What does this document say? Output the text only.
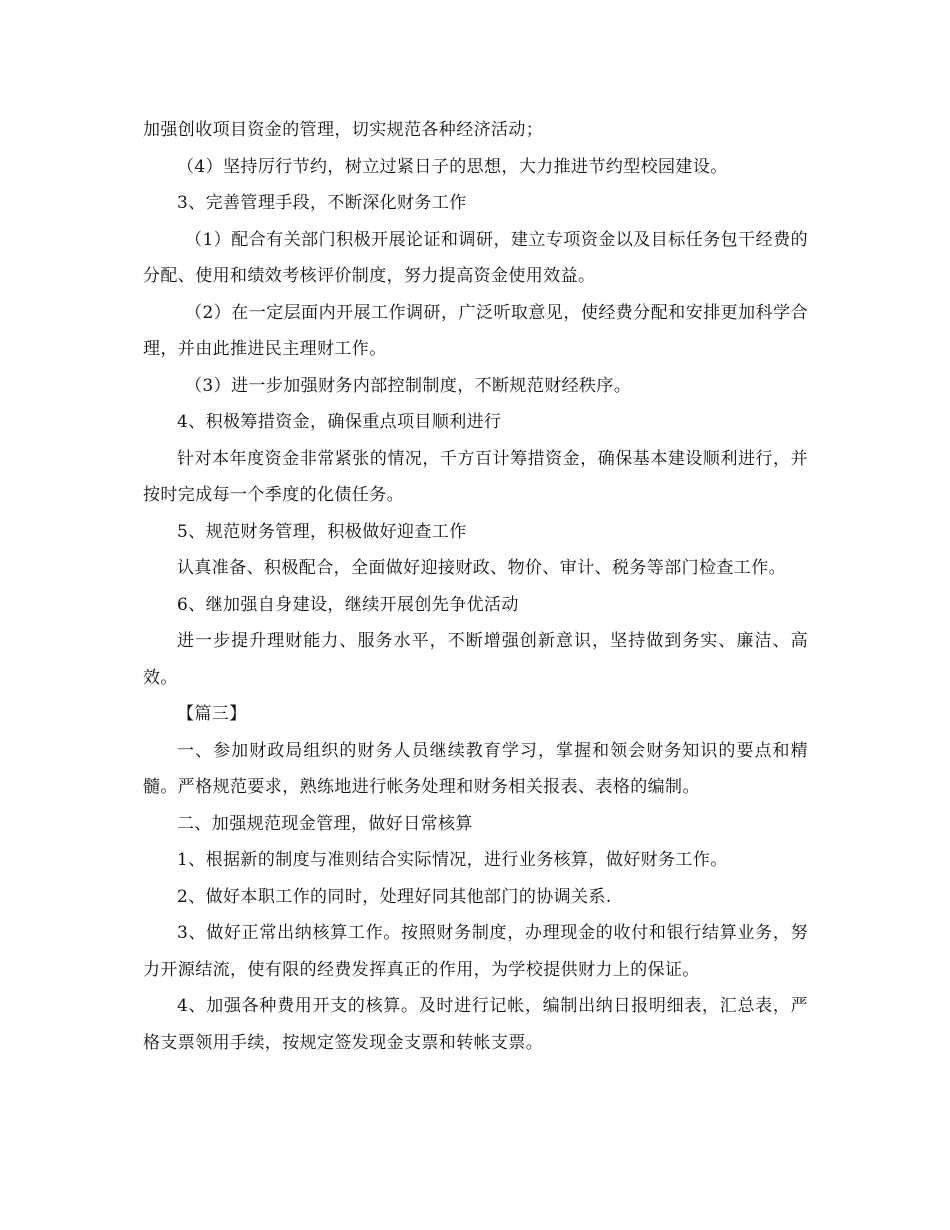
加强创收项目资金的管理，切实规范各种经济活动；

（4）坚持厉行节约，树立过紧日子的思想，大力推进节约型校园建设。

3、完善管理手段，不断深化财务工作

（1）配合有关部门积极开展论证和调研，建立专项资金以及目标任务包干经费的分配、使用和绩效考核评价制度，努力提高资金使用效益。

（2）在一定层面内开展工作调研，广泛听取意见，使经费分配和安排更加科学合理，并由此推进民主理财工作。

（3）进一步加强财务内部控制制度，不断规范财经秩序。

4、积极筹措资金，确保重点项目顺利进行

针对本年度资金非常紧张的情况，千方百计筹措资金，确保基本建设顺利进行，并按时完成每一个季度的化债任务。

5、规范财务管理，积极做好迎查工作

认真准备、积极配合，全面做好迎接财政、物价、审计、税务等部门检查工作。

6、继加强自身建设，继续开展创先争优活动

进一步提升理财能力、服务水平，不断增强创新意识，坚持做到务实、廉洁、高效。

【篇三】

一、参加财政局组织的财务人员继续教育学习，掌握和领会财务知识的要点和精髓。严格规范要求，熟练地进行帐务处理和财务相关报表、表格的编制。

二、加强规范现金管理，做好日常核算

1、根据新的制度与准则结合实际情况，进行业务核算，做好财务工作。

2、做好本职工作的同时，处理好同其他部门的协调关系.

3、做好正常出纳核算工作。按照财务制度，办理现金的收付和银行结算业务，努力开源结流，使有限的经费发挥真正的作用，为学校提供财力上的保证。

4、加强各种费用开支的核算。及时进行记帐，编制出纳日报明细表，汇总表，严格支票领用手续，按规定签发现金支票和转帐支票。
